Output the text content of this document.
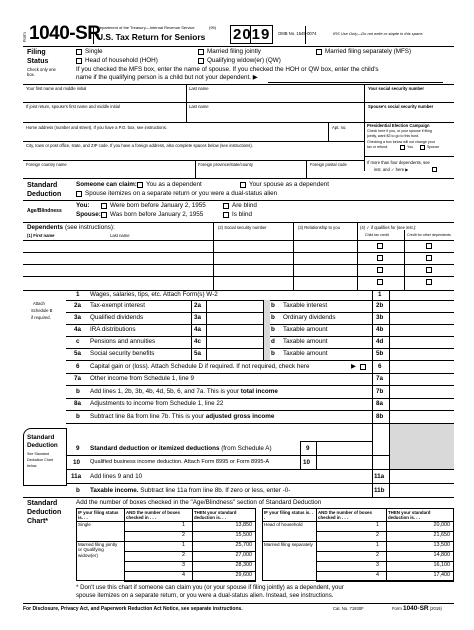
Form 1040-SR
Department of the Treasury—Internal Revenue Service	(99)
U.S. Tax Return for Seniors 2019	OMB No. 1545-0074	IRS Use Only—Do not write or staple in this space.
Filing
Status
Check only one box.
Single	Married filing jointly	Married filing separately (MFS)
Head of household (HOH)	Qualifying widow(er) (QW)
If you checked the MFS box, enter the name of spouse. If you checked the HOH or QW box, enter the child's
name if the qualifying person is a child but not your dependent. ▶
Your first name and middle initial	Last name	Your social security number
If joint return, spouse's first name and middle initial	Last name	Spouse's social security number
Home address (number and street). If you have a P.O. box, see instructions.	Apt. no.	Presidential Election Campaign
Check here if you, or your spouse if filing
jointly, want $3 to go to this fund.
Checking a box below will not change your
tax or refund.	You	Spouse
City, town or post office, state, and ZIP code. If you have a foreign address, also complete spaces below (see instructions).
Foreign country name	Foreign province/state/county	Foreign postal code	If more than four dependents, see
inst. and ✓ here ▶
Standard
Deduction
Someone can claim: You as a dependent	Your spouse as a dependent
Spouse itemizes on a separate return or you were a dual-status alien
Age/Blindness
You:	Were born before January 2, 1955	Are blind
Spouse: Was born before January 2, 1955	Is blind
Dependents (see instructions):
(1) First name	Last name
(2) Social security number	(3) Relationship to you	(4) ✓ if qualifies for (see inst.):
Child tax credit	Credit for other dependents
Attach
Schedule B
if required.
1 Wages, salaries, tips, etc. Attach Form(s) W-2	1
2a Tax-exempt interest	2a	b Taxable interest	2b
3a Qualified dividends	3a	b Ordinary dividends	3b
4a IRA distributions	4a	b Taxable amount	4b
c Pensions and annuities	4c	d Taxable amount	4d
5a Social security benefits	5a	b Taxable amount	5b
6 Capital gain or (loss). Attach Schedule D if required. If not required, check here	▶	6
7a Other income from Schedule 1, line 9	7a
b Add lines 1, 2b, 3b, 4b, 4d, 5b, 6, and 7a. This is your total income	7b
8a Adjustments to income from Schedule 1, line 22	8a
b Subtract line 8a from line 7b. This is your adjusted gross income	8b
Standard
Deduction
See Standard
Deduction Chart
below.
9 Standard deduction or itemized deductions (from Schedule A)	9
10 Qualified business income deduction. Attach Form 8995 or Form 8995-A	10
11a Add lines 9 and 10	11a
b Taxable income. Subtract line 11a from line 8b. If zero or less, enter -0-	11b
Standard
Deduction
Chart*
Add the number of boxes checked in the "Age/Blindness" section of Standard Deduction
IF your filing status is. . .
AND the number of boxes checked in . . .
THEN your standard deduction is. . .
Single	1	13,850
2	15,500
Married filing jointly or Qualifying widow(er)
1	25,700
2	27,000
3	28,300
4	29,600
IF your filing status is. . .
AND the number of boxes checked in . . .
THEN your standard deduction is. . .
Head of household	1	20,000
2	21,650
Married filing separately	1	13,500
2	14,800
3	16,100
4	17,400
* Don't use this chart if someone can claim you (or your spouse if filing jointly) as a dependent, your
spouse itemizes on a separate return, or you were a dual-status alien. Instead, see instructions.
For Disclosure, Privacy Act, and Paperwork Reduction Act Notice, see separate instructions.	Cat. No. 71930F	Form 1040-SR (2019)
